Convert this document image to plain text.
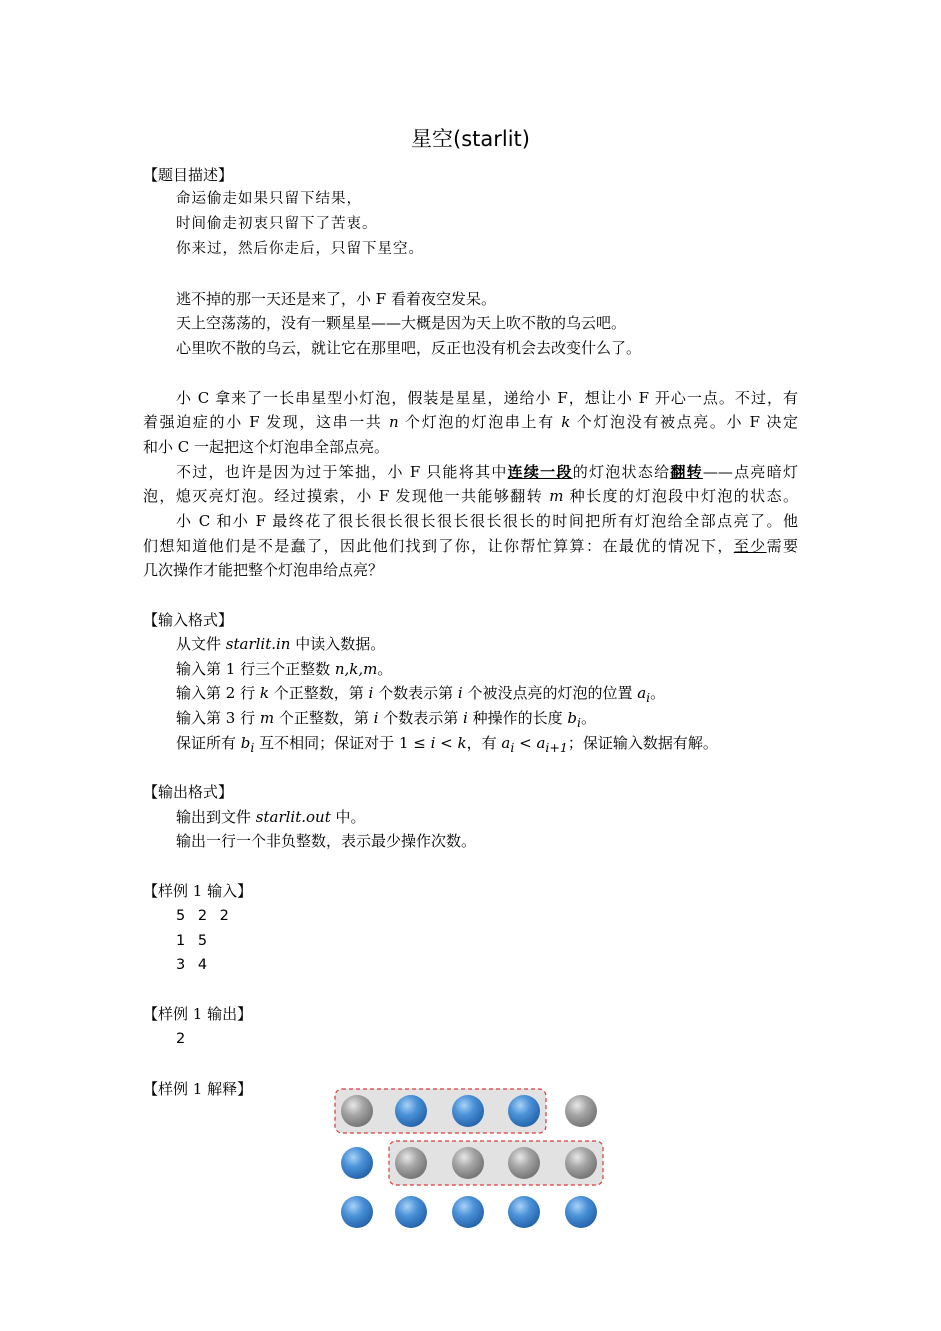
星空(starlit)
【题目描述】
命运偷走如果只留下结果，
时间偷走初衷只留下了苦衷。
你来过，然后你走后，只留下星空。
逃不掉的那一天还是来了，小 F 看着夜空发呆。
天上空荡荡的，没有一颗星星——大概是因为天上吹不散的乌云吧。
心里吹不散的乌云，就让它在那里吧，反正也没有机会去改变什么了。
小 C 拿来了一长串星型小灯泡，假装是星星，递给小 F，想让小 F 开心一点。不过，有
着强迫症的小 F 发现，这串一共 n 个灯泡的灯泡串上有 k 个灯泡没有被点亮。小 F 决定
和小 C 一起把这个灯泡串全部点亮。
不过，也许是因为过于笨拙，小 F 只能将其中连续一段的灯泡状态给翻转——点亮暗灯
泡，熄灭亮灯泡。经过摸索，小 F 发现他一共能够翻转 m 种长度的灯泡段中灯泡的状态。
小 C 和小 F 最终花了很长很长很长很长很长很长的时间把所有灯泡给全部点亮了。他
们想知道他们是不是蠢了，因此他们找到了你，让你帮忙算算：在最优的情况下，至少需要
几次操作才能把整个灯泡串给点亮？
【输入格式】
从文件 starlit.in 中读入数据。
输入第 1 行三个正整数 n,k,m。
输入第 2 行 k 个正整数，第 i 个数表示第 i 个被没点亮的灯泡的位置 $a_i$。
输入第 3 行 m 个正整数，第 i 个数表示第 i 种操作的长度 $b_i$。
保证所有 $b_i$ 互不相同；保证对于 1 ≤ i < k，有 $a_i < a_{i+1}$；保证输入数据有解。
【输出格式】
输出到文件 starlit.out 中。
输出一行一个非负整数，表示最少操作次数。
【样例 1 输入】
5 2 2
1 5
3 4
【样例 1 输出】
2
【样例 1 解释】
